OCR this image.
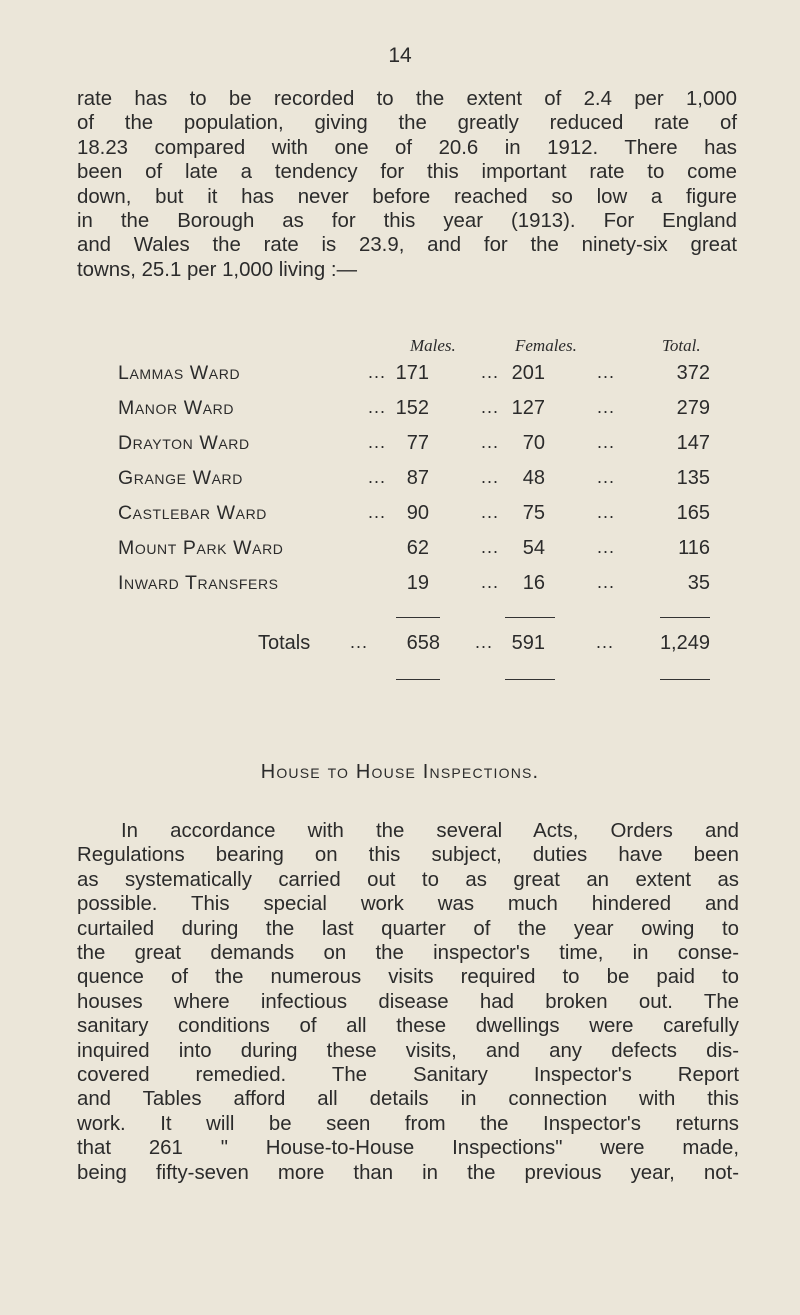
14
rate has to be recorded to the extent of 2.4 per 1,000
of the population, giving the greatly reduced rate of
18.23 compared with one of 20.6 in 1912. There has
been of late a tendency for this important rate to come
down, but it has never before reached so low a figure
in the Borough as for this year (1913). For England
and Wales the rate is 23.9, and for the ninety-six great
towns, 25.1 per 1,000 living :—
Males.	Females.	Total.
Lammas Ward	... 171	... 201	...	372
Manor Ward	... 152	... 127	...	279
Drayton Ward	...	77	...	70	...	147
Grange Ward	...	87	...	48	...	135
Castlebar Ward	...	90	...	75	...	165
Mount Park Ward	62	...	54	...	116
Inward Transfers	19	...	16	...	35
Totals ...	658 ... 591	...	1,249
House to House Inspections.
In accordance with the several Acts, Orders and
Regulations bearing on this subject, duties have been
as systematically carried out to as great an extent as
possible. This special work was much hindered and
curtailed during the last quarter of the year owing to
the great demands on the inspector's time, in conse-
quence of the numerous visits required to be paid to
houses where infectious disease had broken out. The
sanitary conditions of all these dwellings were carefully
inquired into during these visits, and any defects dis-
covered remedied. The Sanitary Inspector's Report
and Tables afford all details in connection with this
work. It will be seen from the Inspector's returns
that 261 " House-to-House Inspections" were made,
being fifty-seven more than in the previous year, not-
